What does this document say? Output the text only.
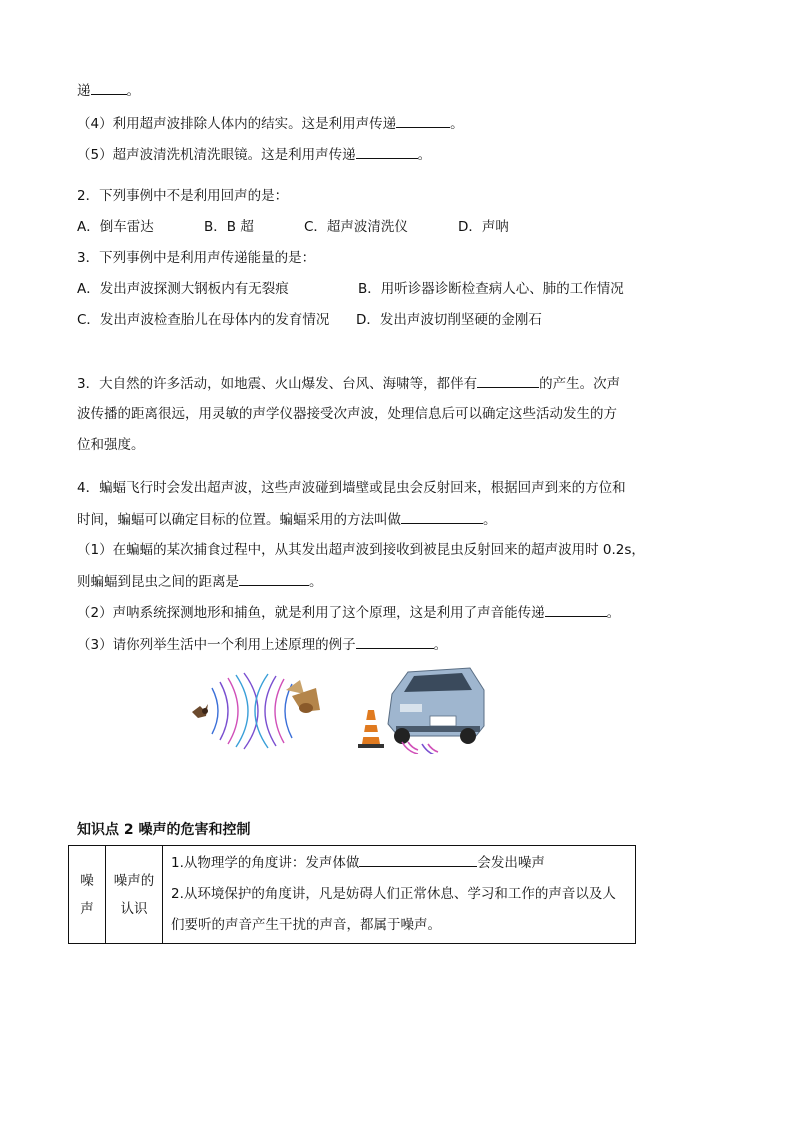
递	。
（4）利用超声波排除人体内的结实。这是利用声传递	。
（5）超声波清洗机清洗眼镜。这是利用声传递	。
2．下列事例中不是利用回声的是：
A．倒车雷达	B．B 超	C．超声波清洗仪	D．声呐
3．下列事例中是利用声传递能量的是：
A．发出声波探测大钢板内有无裂痕	B．用听诊器诊断检查病人心、肺的工作情况
C．发出声波检查胎儿在母体内的发育情况 D．发出声波切削坚硬的金刚石
3．大自然的许多活动，如地震、火山爆发、台风、海啸等，都伴有	的产生。次声
波传播的距离很远，用灵敏的声学仪器接受次声波，处理信息后可以确定这些活动发生的方
位和强度。
4．蝙蝠飞行时会发出超声波，这些声波碰到墙壁或昆虫会反射回来，根据回声到来的方位和
时间，蝙蝠可以确定目标的位置。蝙蝠采用的方法叫做	。
（1）在蝙蝠的某次捕食过程中，从其发出超声波到接收到被昆虫反射回来的超声波用时 0.2s，
则蝙蝠到昆虫之间的距离是	。
（2）声呐系统探测地形和捕鱼，就是利用了这个原理，这是利用了声音能传递	。
（3）请你列举生活中一个利用上述原理的例子	。
知识点 2 噪声的危害和控制
噪
声

噪声的
认识

1.从物理学的角度讲：发声体做	会发出噪声
2.从环境保护的角度讲，凡是妨碍人们正常休息、学习和工作的声音以及人
们要听的声音产生干扰的声音，都属于噪声。
